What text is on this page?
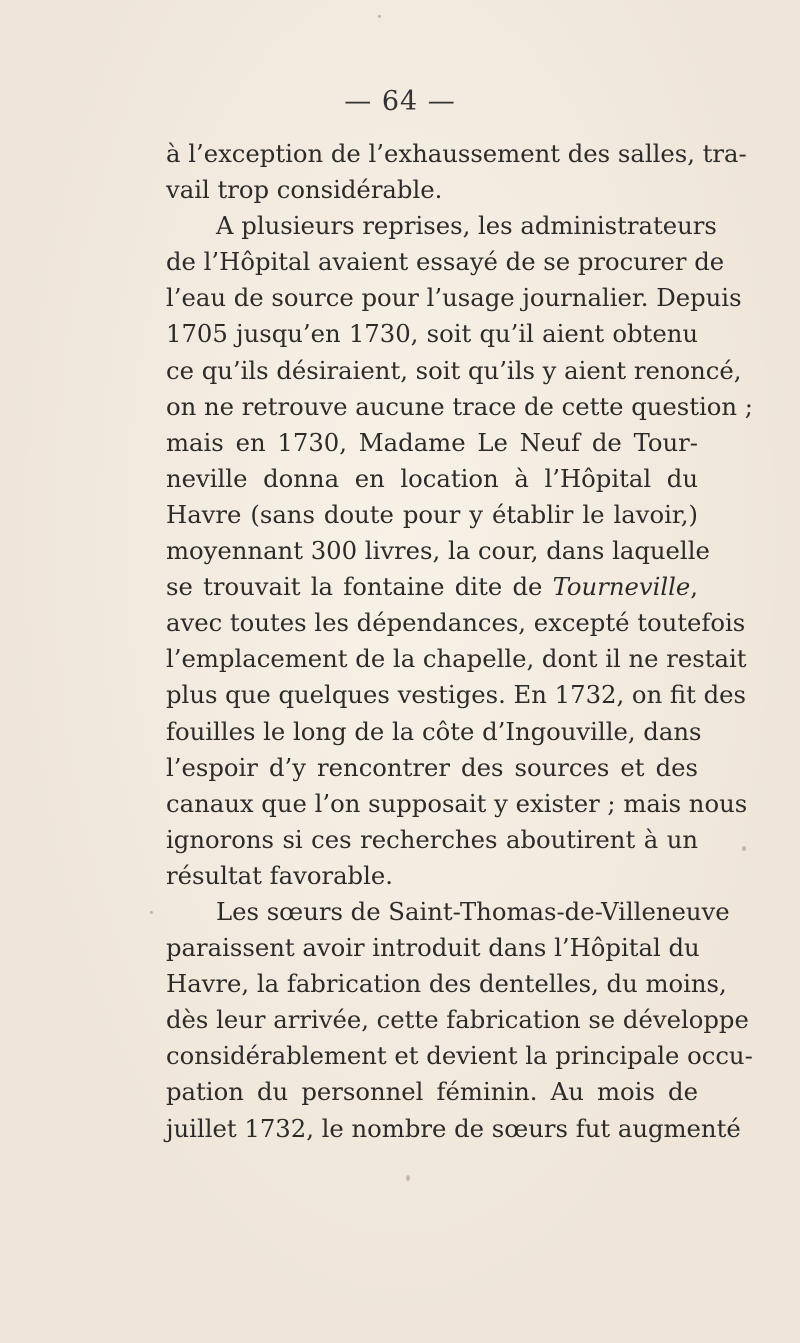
— 64 —
à l’exception de l’exhaussement des salles, tra-
vail trop considérable.
A plusieurs reprises, les administrateurs
de l’Hôpital avaient essayé de se procurer de
l’eau de source pour l’usage journalier. Depuis
1705 jusqu’en 1730, soit qu’il aient obtenu
ce qu’ils désiraient, soit qu’ils y aient renoncé,
on ne retrouve aucune trace de cette question ;
mais en 1730, Madame Le Neuf de Tour-
neville donna en location à l’Hôpital du
Havre (sans doute pour y établir le lavoir,)
moyennant 300 livres, la cour, dans laquelle
se trouvait la fontaine dite de Tourneville,
avec toutes les dépendances, excepté toutefois
l’emplacement de la chapelle, dont il ne restait
plus que quelques vestiges. En 1732, on fit des
fouilles le long de la côte d’Ingouville, dans
l’espoir d’y rencontrer des sources et des
canaux que l’on supposait y exister ; mais nous
ignorons si ces recherches aboutirent à un
résultat favorable.
Les sœurs de Saint-Thomas-de-Villeneuve
paraissent avoir introduit dans l’Hôpital du
Havre, la fabrication des dentelles, du moins,
dès leur arrivée, cette fabrication se développe
considérablement et devient la principale occu-
pation du personnel féminin. Au mois de
juillet 1732, le nombre de sœurs fut augmenté
